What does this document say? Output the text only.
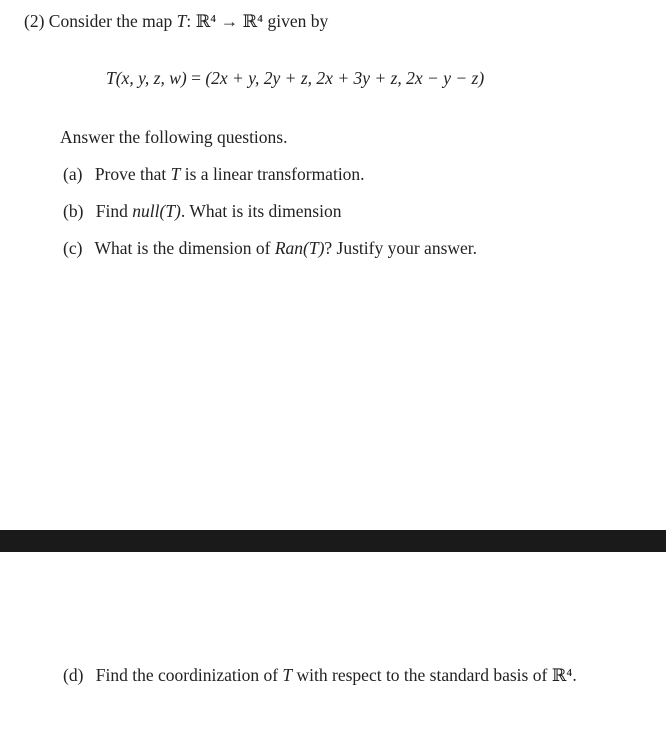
(2) Consider the map T: ℝ⁴ → ℝ⁴ given by
T(x, y, z, w) = (2x + y, 2y + z, 2x + 3y + z, 2x − y − z)
Answer the following questions.
(a) Prove that T is a linear transformation.
(b) Find null(T). What is its dimension
(c) What is the dimension of Ran(T)? Justify your answer.
(d) Find the coordinization of T with respect to the standard basis of ℝ⁴.
